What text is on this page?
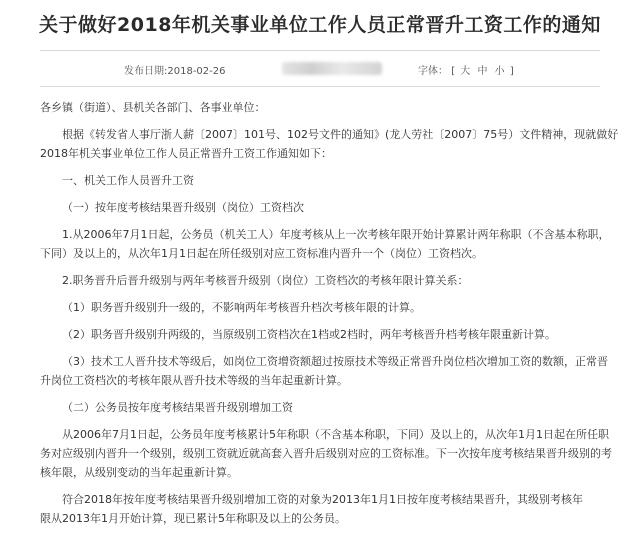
关于做好2018年机关事业单位工作人员正常晋升工资工作的通知
发布日期:2018-02-26	字体： [ 大 中 小 ]

各乡镇（街道）、县机关各部门、各事业单位：

根据《转发省人事厅浙人薪〔2007〕101号、102号文件的通知》(龙人劳社〔2007〕75号）文件精神，现就做好
2018年机关事业单位工作人员正常晋升工资工作通知如下：

一、机关工作人员晋升工资

（一）按年度考核结果晋升级别（岗位）工资档次

1.从2006年7月1日起，公务员（机关工人）年度考核从上一次考核年限开始计算累计两年称职（不含基本称职，
下同）及以上的，从次年1月1日起在所任级别对应工资标准内晋升一个（岗位）工资档次。

2.职务晋升后晋升级别与两年考核晋升级别（岗位）工资档次的考核年限计算关系：

（1）职务晋升级别升一级的，不影响两年考核晋升档次考核年限的计算。

（2）职务晋升级别升两级的，当原级别工资档次在1档或2档时，两年考核晋升档考核年限重新计算。

（3）技术工人晋升技术等级后，如岗位工资增资额超过按原技术等级正常晋升岗位档次增加工资的数额，正常晋
升岗位工资档次的考核年限从晋升技术等级的当年起重新计算。

（二）公务员按年度考核结果晋升级别增加工资

从2006年7月1日起，公务员年度考核累计5年称职（不含基本称职，下同）及以上的，从次年1月1日起在所任职
务对应级别内晋升一个级别，级别工资就近就高套入晋升后级别对应的工资标准。下一次按年度考核结果晋升级别的考
核年限，从级别变动的当年起重新计算。

符合2018年按年度考核结果晋升级别增加工资的对象为2013年1月1日按年度考核结果晋升，其级别考核年
限从2013年1月开始计算，现已累计5年称职及以上的公务员。
